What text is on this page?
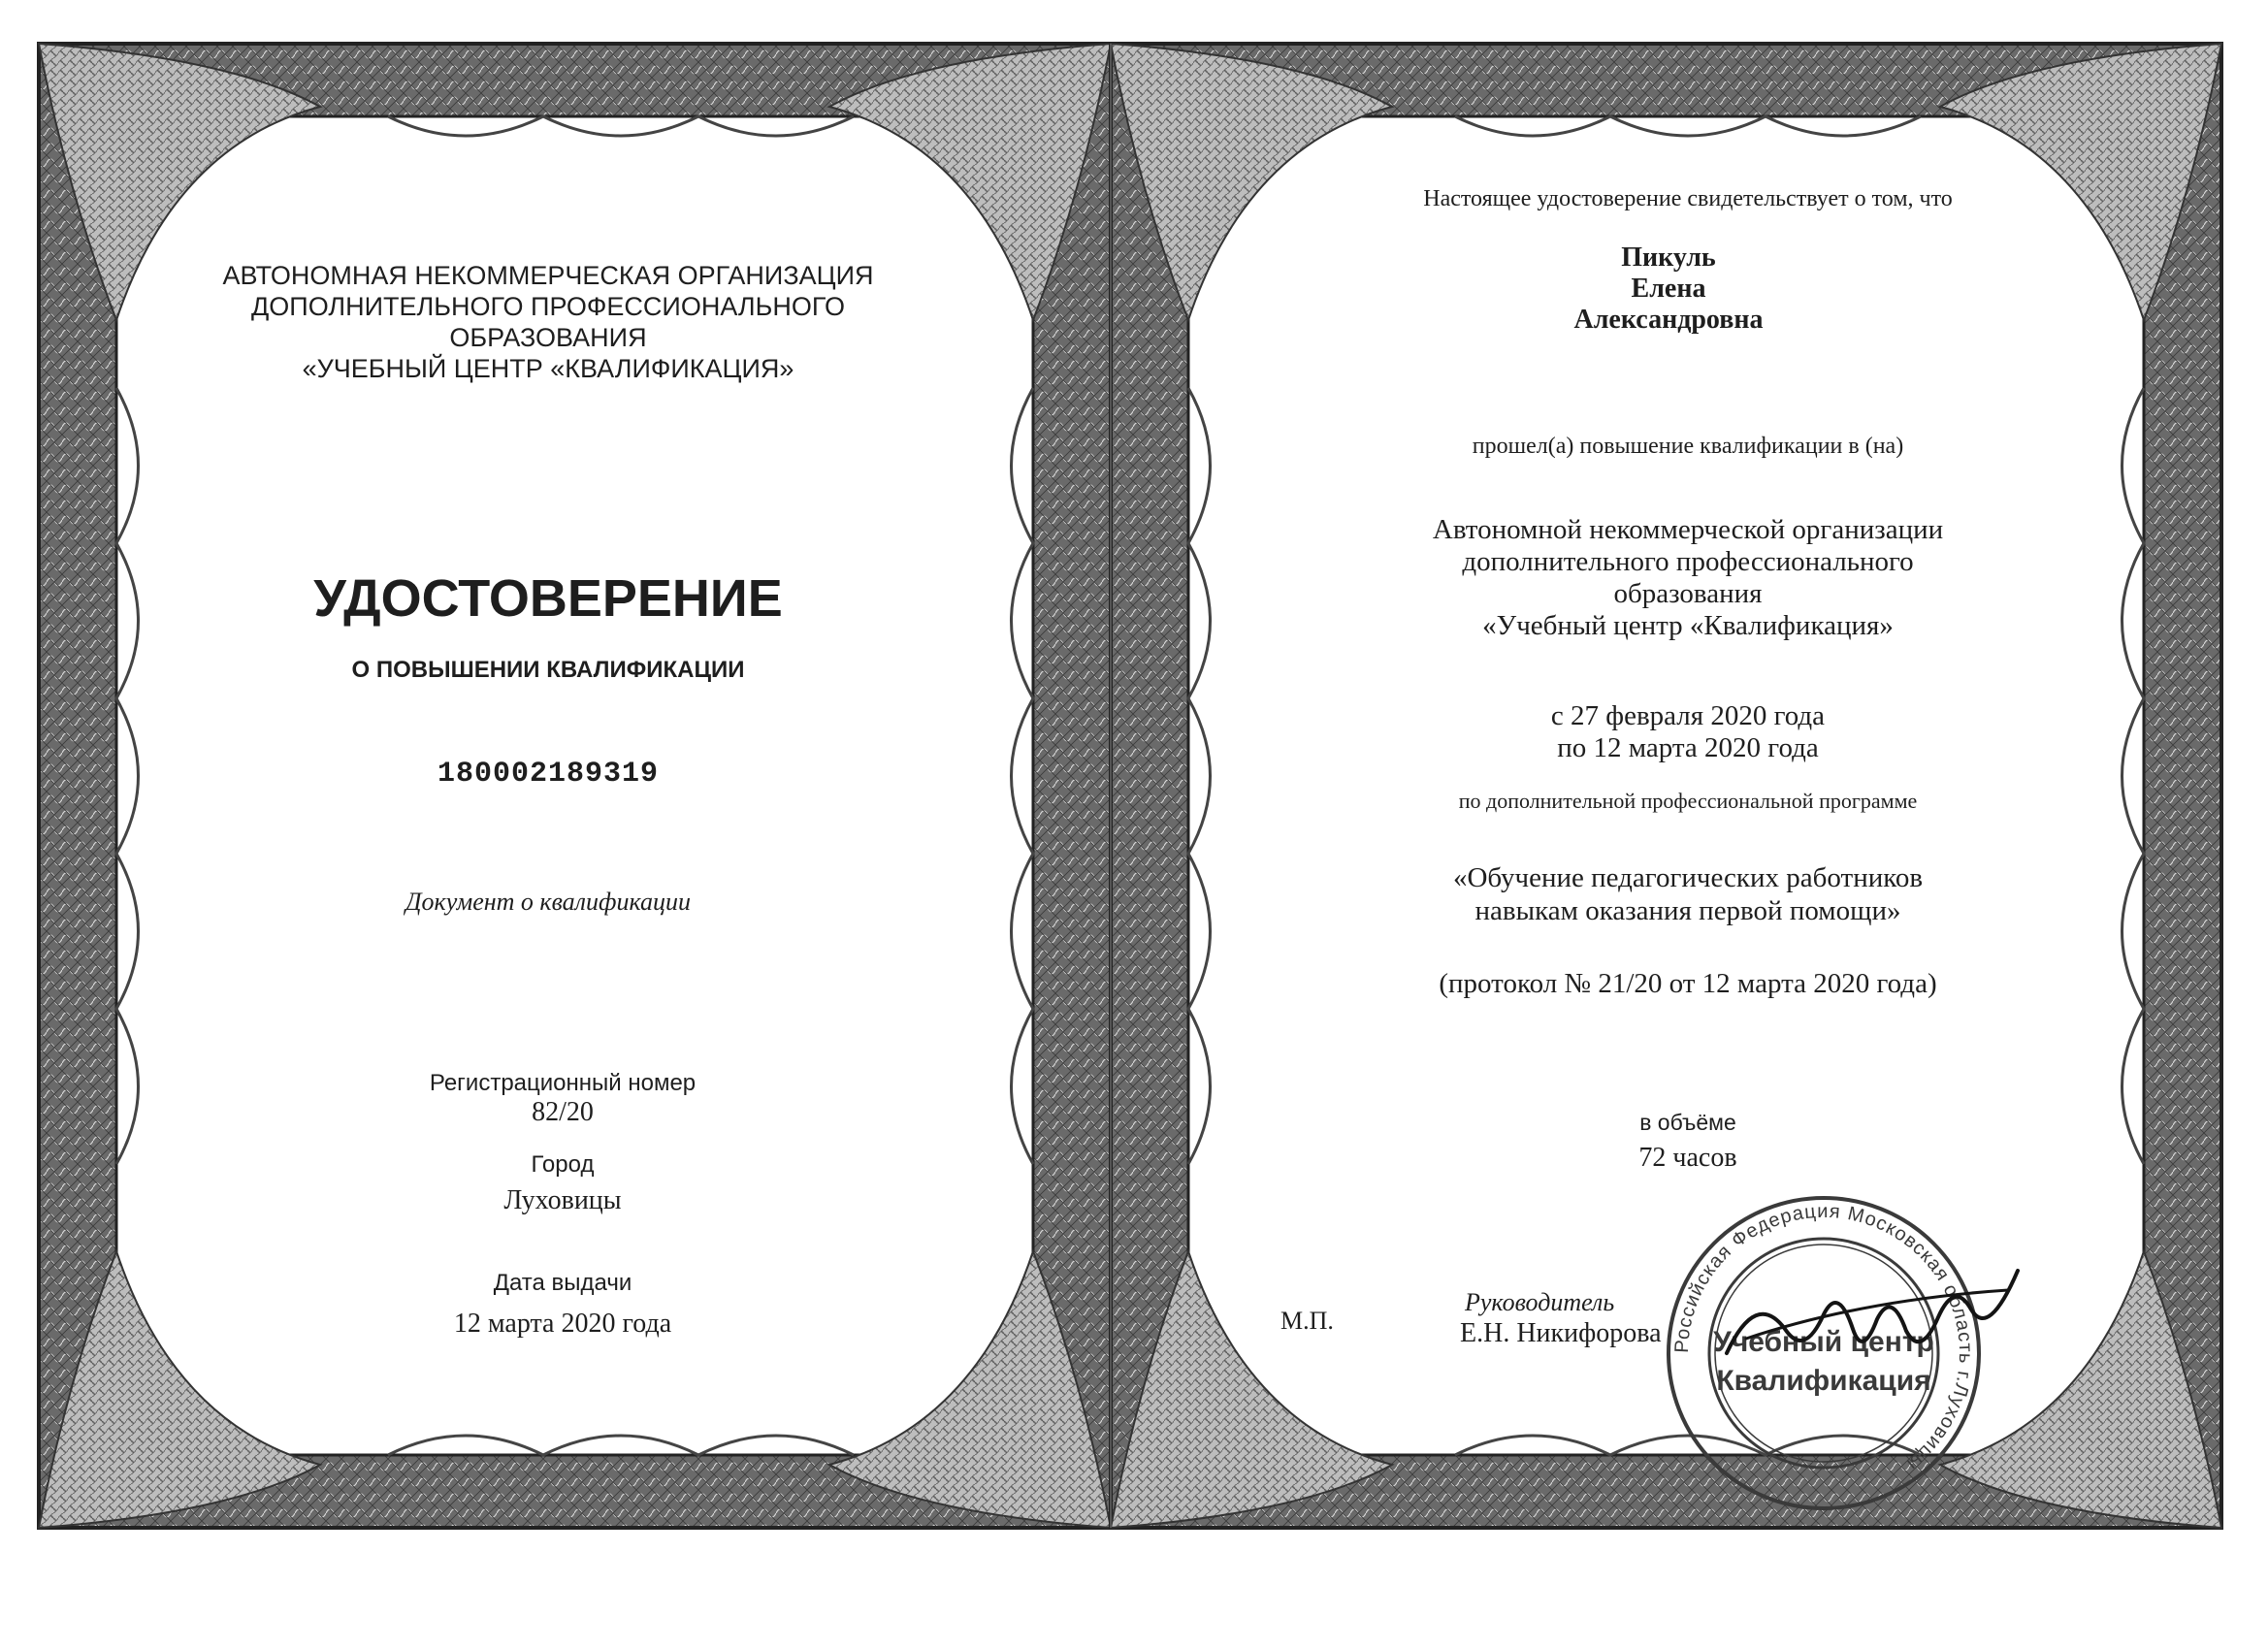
АВТОНОМНАЯ НЕКОММЕРЧЕСКАЯ ОРГАНИЗАЦИЯ
ДОПОЛНИТЕЛЬНОГО ПРОФЕССИОНАЛЬНОГО
ОБРАЗОВАНИЯ
«УЧЕБНЫЙ ЦЕНТР «КВАЛИФИКАЦИЯ»
УДОСТОВЕРЕНИЕ
О ПОВЫШЕНИИ КВАЛИФИКАЦИИ
180002189319
Документ о квалификации
Регистрационный номер
82/20
Город
Луховицы
Дата выдачи
12 марта 2020 года
Настоящее удостоверение свидетельствует о том, что
Пикуль
Елена
Александровна
прошел(а) повышение квалификации в (на)
Автономной некоммерческой организации
дополнительного профессионального
образования
«Учебный центр «Квалификация»
с 27 февраля 2020 года
по 12 марта 2020 года
по дополнительной профессиональной программе
«Обучение педагогических работников
навыкам оказания первой помощи»
(протокол № 21/20 от 12 марта 2020 года)
в объёме
72 часов
М.П.
Руководитель
Е.Н. Никифорова Российская Федерация Московская область г.Луховицы
Учебный центр
Квалификация
